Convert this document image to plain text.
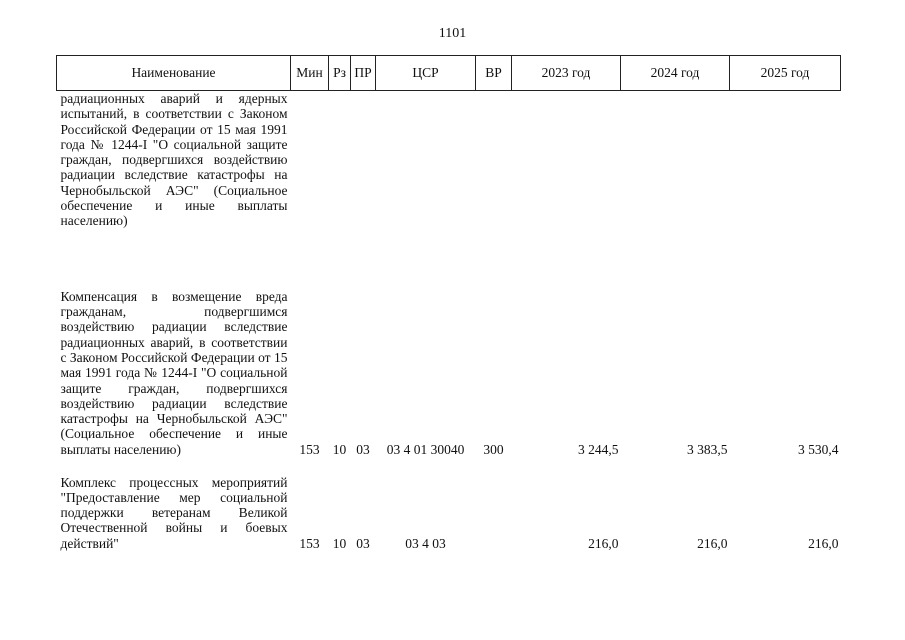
1101
Наименование	Мин	Рз	ПР	ЦСР	ВР	2023 год	2024 год	2025 год
радиационных аварий и ядерных испытаний, в соответствии с Законом Российской Федерации от 15 мая 1991 года № 1244-I "О социальной защите граждан, подвергшихся воздействию радиации вследствие катастрофы на Чернобыльской АЭС" (Социальное обеспечение и иные выплаты населению)								
Компенсация в возмещение вреда гражданам, подвергшимся воздействию радиации вследствие радиационных аварий, в соответствии с Законом Российской Федерации от 15 мая 1991 года № 1244-I "О социальной защите граждан, подвергшихся воздействию радиации вследствие катастрофы на Чернобыльской АЭС" (Социальное обеспечение и иные выплаты населению)	153	10	03	03 4 01 30040	300	3 244,5	3 383,5	3 530,4
Комплекс процессных мероприятий "Предоставление мер социальной поддержки ветеранам Великой Отечественной войны и боевых действий"	153	10	03	03 4 03		216,0	216,0	216,0
